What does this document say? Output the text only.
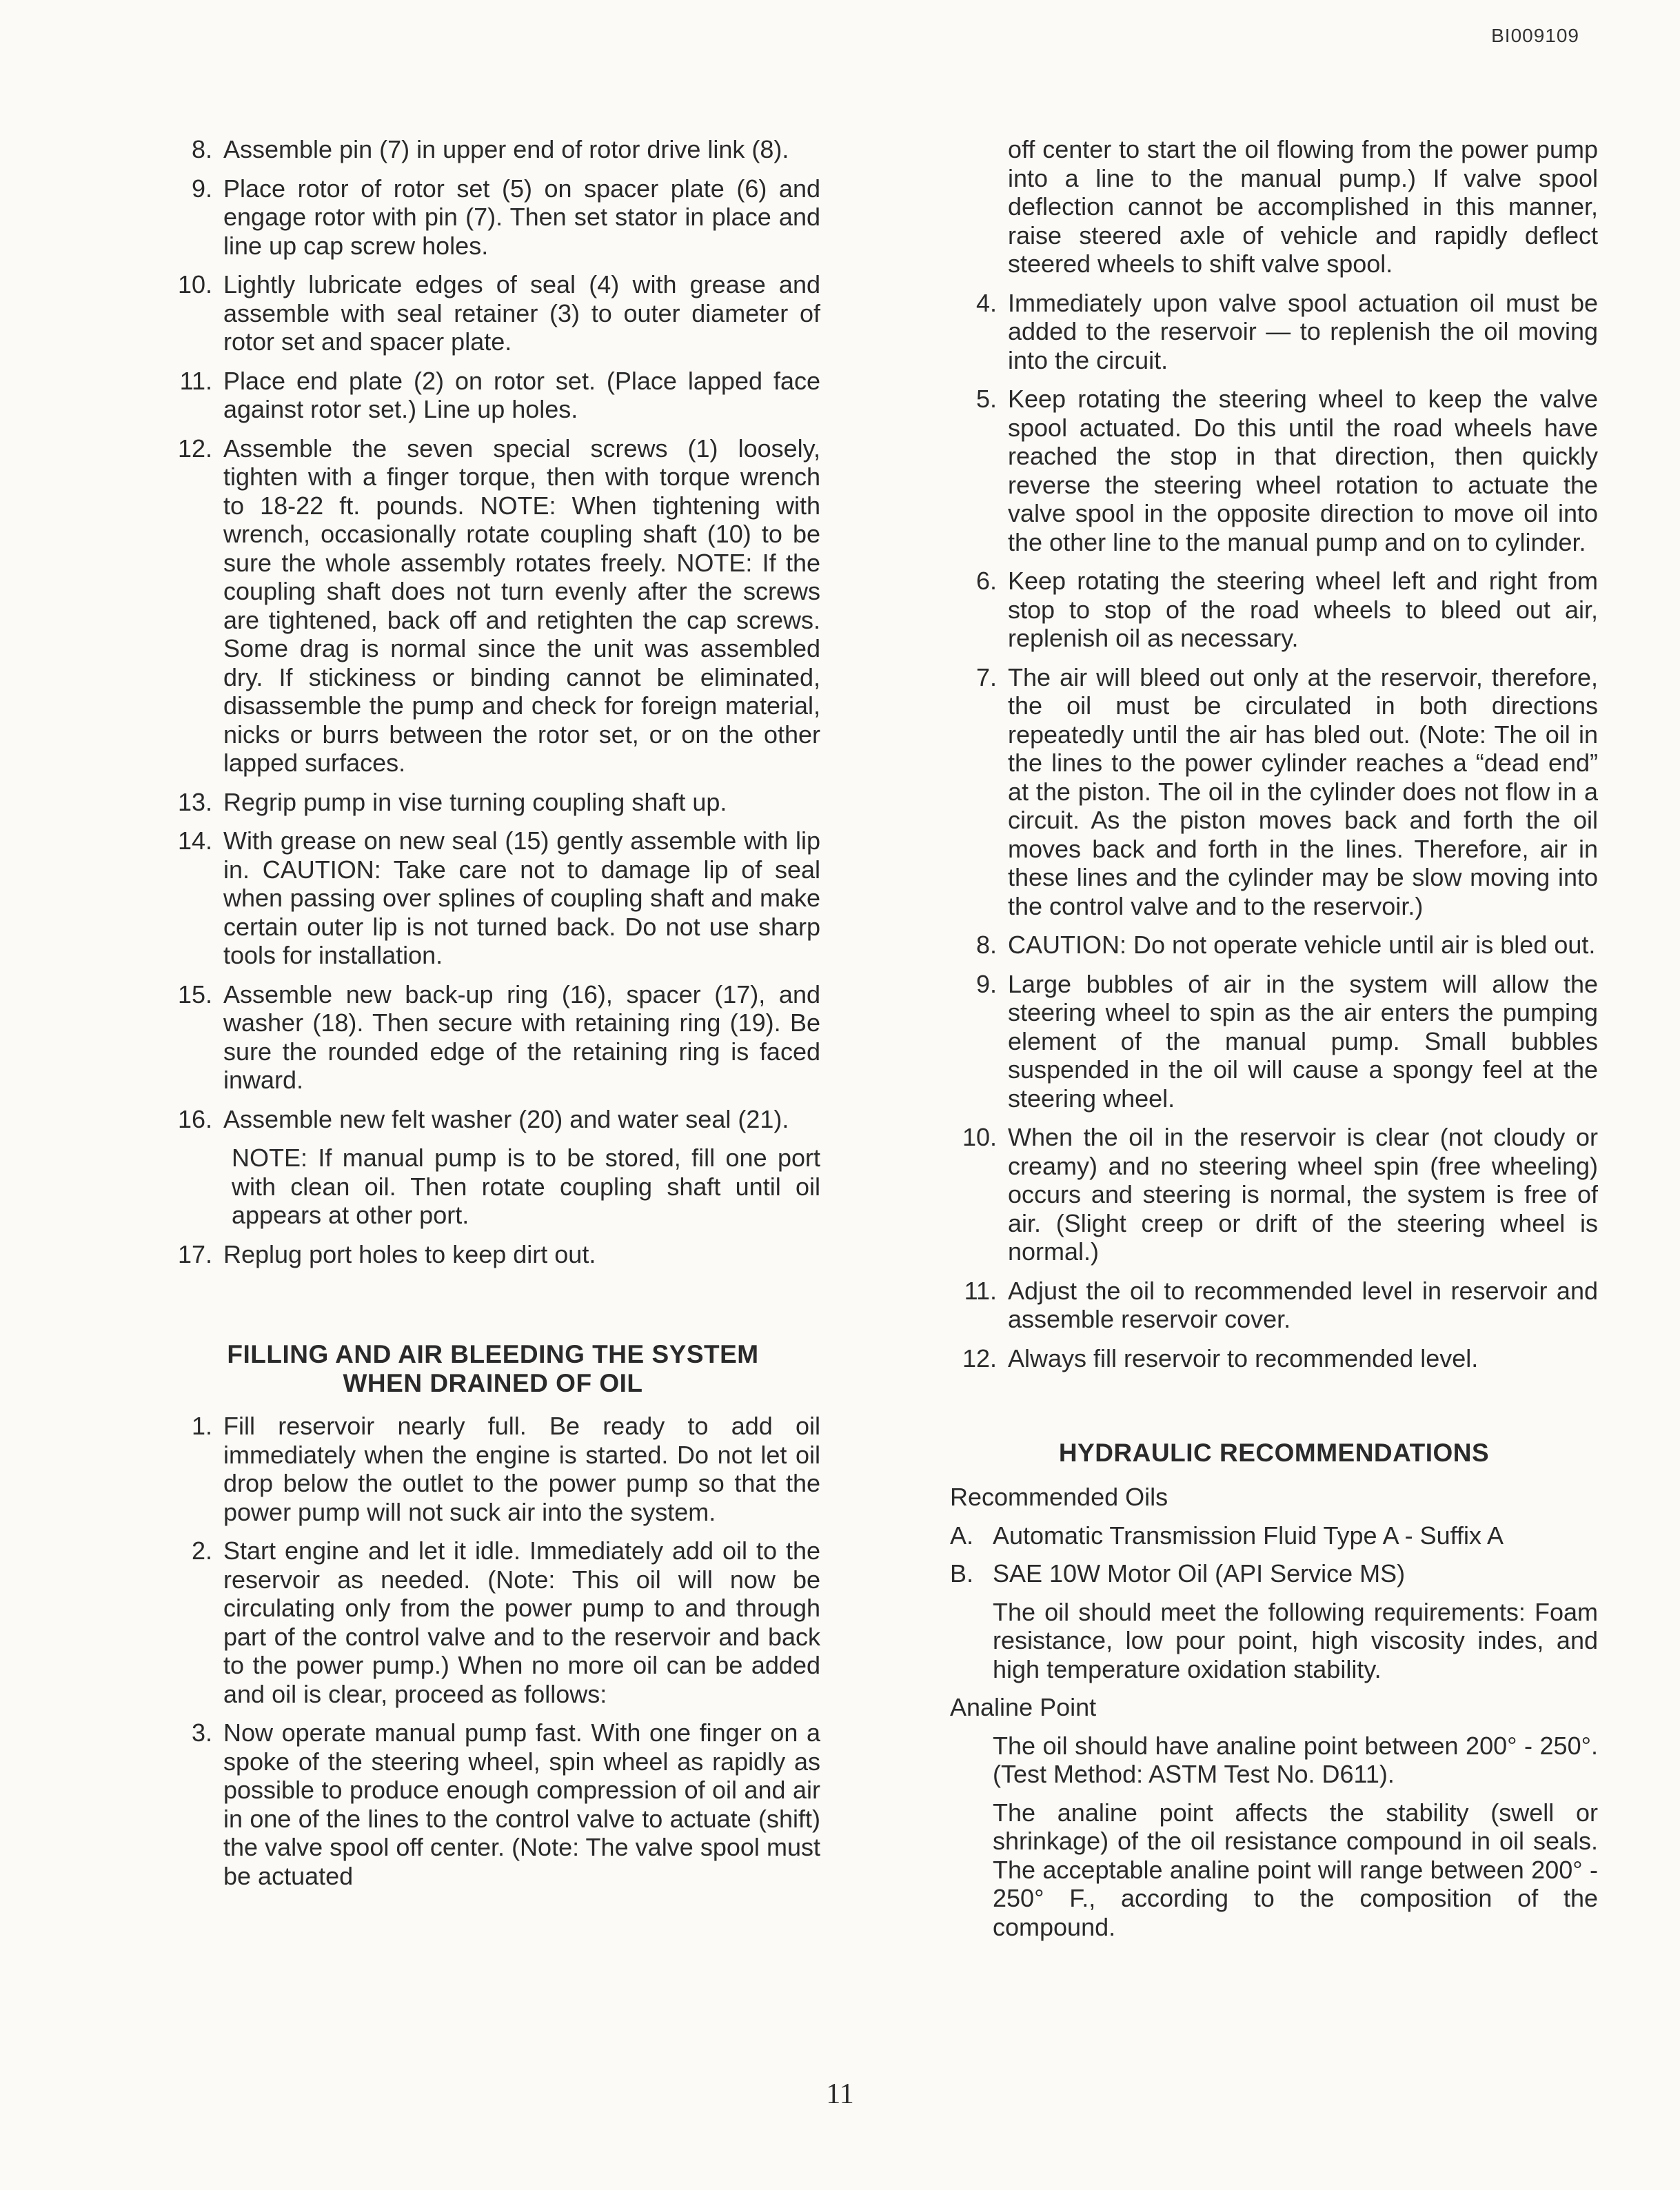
BI009109
8. Assemble pin (7) in upper end of rotor drive link (8).
9. Place rotor of rotor set (5) on spacer plate (6) and engage rotor with pin (7). Then set stator in place and line up cap screw holes.
10. Lightly lubricate edges of seal (4) with grease and assemble with seal retainer (3) to outer diameter of rotor set and spacer plate.
11. Place end plate (2) on rotor set. (Place lapped face against rotor set.) Line up holes.
12. Assemble the seven special screws (1) loosely, tighten with a finger torque, then with torque wrench to 18-22 ft. pounds. NOTE: When tightening with wrench, occasionally rotate coupling shaft (10) to be sure the whole assembly rotates freely. NOTE: If the coupling shaft does not turn evenly after the screws are tightened, back off and retighten the cap screws. Some drag is normal since the unit was assembled dry. If stickiness or binding cannot be eliminated, disassemble the pump and check for foreign material, nicks or burrs between the rotor set, or on the other lapped surfaces.
13. Regrip pump in vise turning coupling shaft up.
14. With grease on new seal (15) gently assemble with lip in. CAUTION: Take care not to damage lip of seal when passing over splines of coupling shaft and make certain outer lip is not turned back. Do not use sharp tools for installation.
15. Assemble new back-up ring (16), spacer (17), and washer (18). Then secure with retaining ring (19). Be sure the rounded edge of the retaining ring is faced inward.
16. Assemble new felt washer (20) and water seal (21).
NOTE: If manual pump is to be stored, fill one port with clean oil. Then rotate coupling shaft until oil appears at other port.
17. Replug port holes to keep dirt out.
FILLING AND AIR BLEEDING THE SYSTEM
WHEN DRAINED OF OIL
1. Fill reservoir nearly full. Be ready to add oil immediately when the engine is started. Do not let oil drop below the outlet to the power pump so that the power pump will not suck air into the system.
2. Start engine and let it idle. Immediately add oil to the reservoir as needed. (Note: This oil will now be circulating only from the power pump to and through part of the control valve and to the reservoir and back to the power pump.) When no more oil can be added and oil is clear, proceed as follows:
3. Now operate manual pump fast. With one finger on a spoke of the steering wheel, spin wheel as rapidly as possible to produce enough compression of oil and air in one of the lines to the control valve to actuate (shift) the valve spool off center. (Note: The valve spool must be actuated
off center to start the oil flowing from the power pump into a line to the manual pump.) If valve spool deflection cannot be accomplished in this manner, raise steered axle of vehicle and rapidly deflect steered wheels to shift valve spool.
4. Immediately upon valve spool actuation oil must be added to the reservoir — to replenish the oil moving into the circuit.
5. Keep rotating the steering wheel to keep the valve spool actuated. Do this until the road wheels have reached the stop in that direction, then quickly reverse the steering wheel rotation to actuate the valve spool in the opposite direction to move oil into the other line to the manual pump and on to cylinder.
6. Keep rotating the steering wheel left and right from stop to stop of the road wheels to bleed out air, replenish oil as necessary.
7. The air will bleed out only at the reservoir, therefore, the oil must be circulated in both directions repeatedly until the air has bled out. (Note: The oil in the lines to the power cylinder reaches a “dead end” at the piston. The oil in the cylinder does not flow in a circuit. As the piston moves back and forth the oil moves back and forth in the lines. Therefore, air in these lines and the cylinder may be slow moving into the control valve and to the reservoir.)
8. CAUTION: Do not operate vehicle until air is bled out.
9. Large bubbles of air in the system will allow the steering wheel to spin as the air enters the pumping element of the manual pump. Small bubbles suspended in the oil will cause a spongy feel at the steering wheel.
10. When the oil in the reservoir is clear (not cloudy or creamy) and no steering wheel spin (free wheeling) occurs and steering is normal, the system is free of air. (Slight creep or drift of the steering wheel is normal.)
11. Adjust the oil to recommended level in reservoir and assemble reservoir cover.
12. Always fill reservoir to recommended level.
HYDRAULIC RECOMMENDATIONS
Recommended Oils
A. Automatic Transmission Fluid Type A - Suffix A
B. SAE 10W Motor Oil (API Service MS)
The oil should meet the following requirements: Foam resistance, low pour point, high viscosity indes, and high temperature oxidation stability.
Analine Point
The oil should have analine point between 200° - 250°. (Test Method: ASTM Test No. D611).
The analine point affects the stability (swell or shrinkage) of the oil resistance compound in oil seals. The acceptable analine point will range between 200° - 250° F., according to the composition of the compound.
11
